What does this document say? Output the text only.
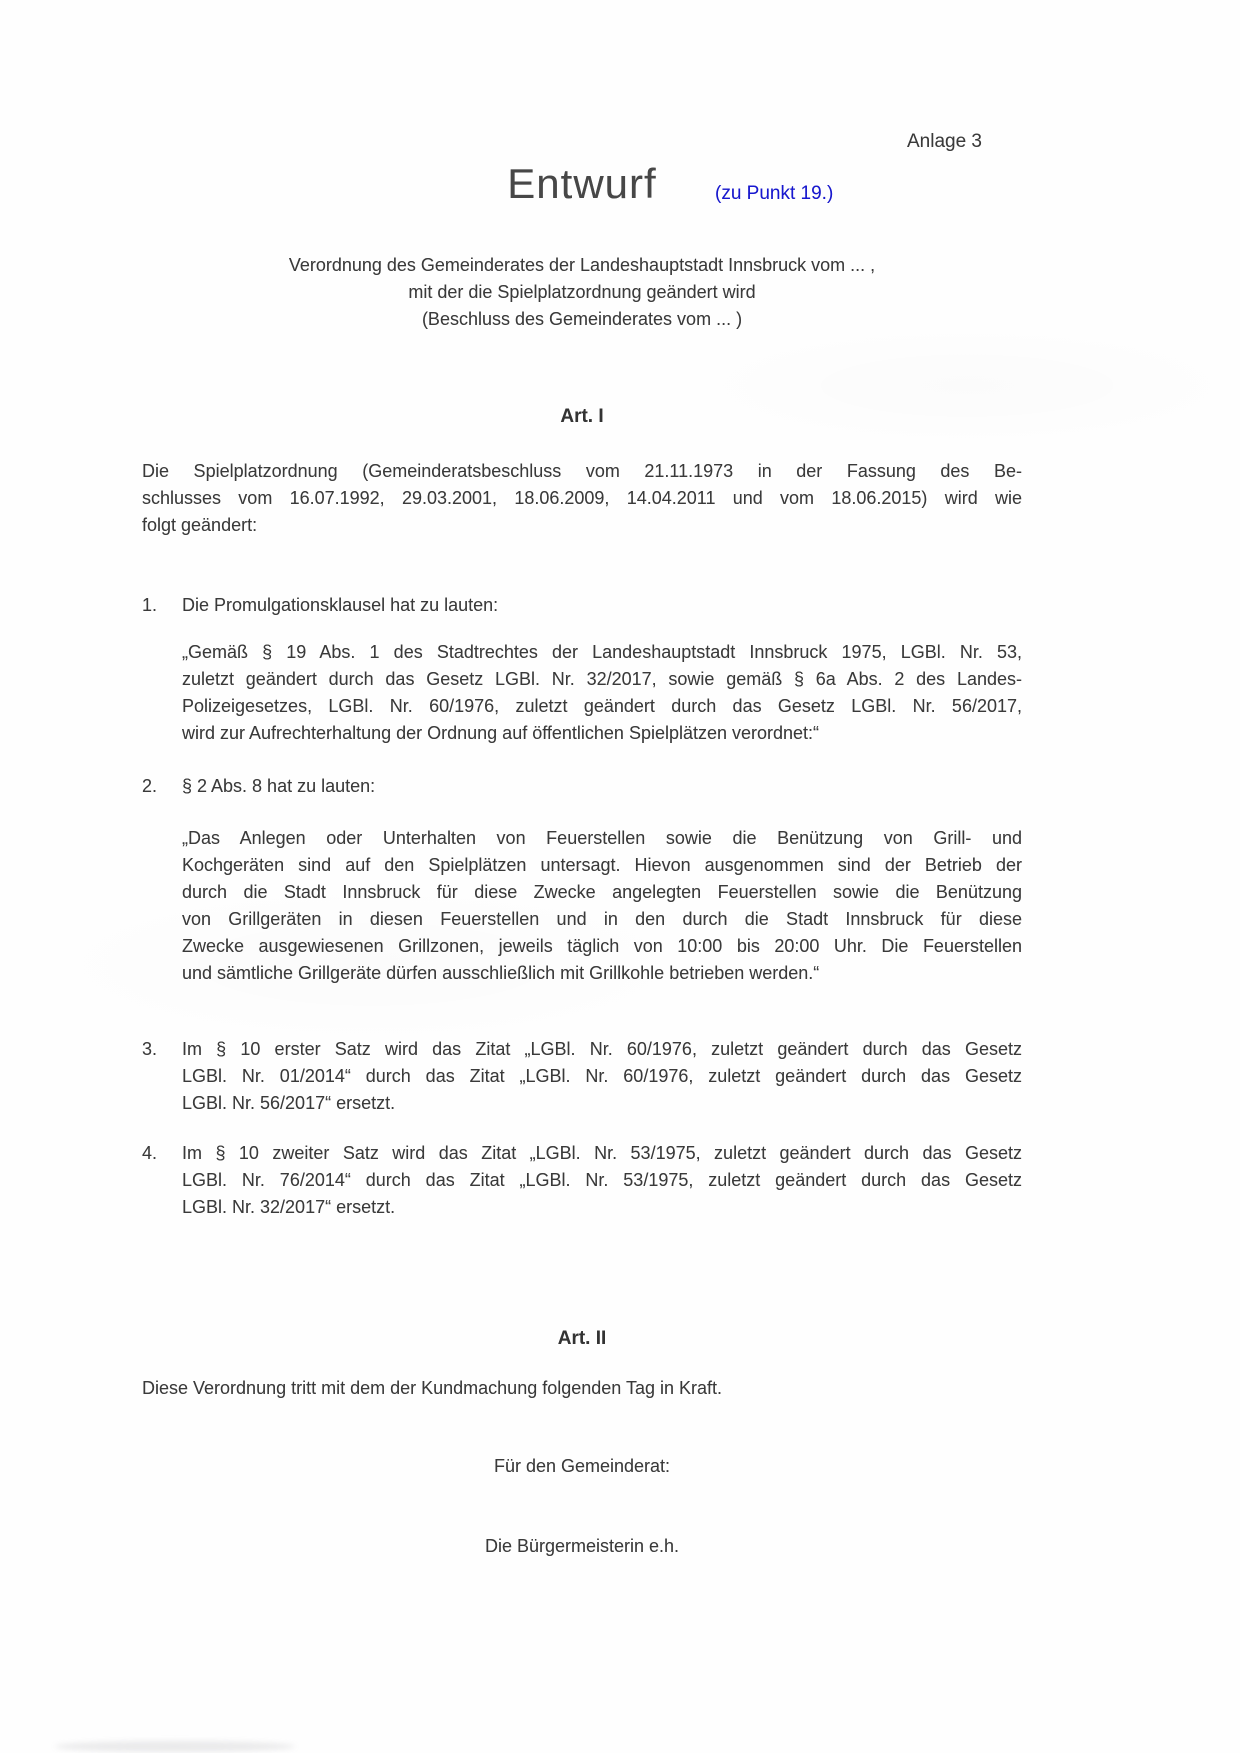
Anlage 3
Entwurf	(zu Punkt 19.)
Verordnung des Gemeinderates der Landeshauptstadt Innsbruck vom ... ,
mit der die Spielplatzordnung geändert wird
(Beschluss des Gemeinderates vom ... )
Art. I
Die Spielplatzordnung (Gemeinderatsbeschluss vom 21.11.1973 in der Fassung des Be-
schlusses vom 16.07.1992, 29.03.2001, 18.06.2009, 14.04.2011 und vom 18.06.2015) wird wie
folgt geändert:
1.	Die Promulgationsklausel hat zu lauten:
„Gemäß § 19 Abs. 1 des Stadtrechtes der Landeshauptstadt Innsbruck 1975, LGBl. Nr. 53,
zuletzt geändert durch das Gesetz LGBl. Nr. 32/2017, sowie gemäß § 6a Abs. 2 des Landes-
Polizeigesetzes, LGBl. Nr. 60/1976, zuletzt geändert durch das Gesetz LGBl. Nr. 56/2017,
wird zur Aufrechterhaltung der Ordnung auf öffentlichen Spielplätzen verordnet:“
2.	§ 2 Abs. 8 hat zu lauten:
„Das Anlegen oder Unterhalten von Feuerstellen sowie die Benützung von Grill- und
Kochgeräten sind auf den Spielplätzen untersagt. Hievon ausgenommen sind der Betrieb der
durch die Stadt Innsbruck für diese Zwecke angelegten Feuerstellen sowie die Benützung
von Grillgeräten in diesen Feuerstellen und in den durch die Stadt Innsbruck für diese
Zwecke ausgewiesenen Grillzonen, jeweils täglich von 10:00 bis 20:00 Uhr. Die Feuerstellen
und sämtliche Grillgeräte dürfen ausschließlich mit Grillkohle betrieben werden.“
3.	Im § 10 erster Satz wird das Zitat „LGBl. Nr. 60/1976, zuletzt geändert durch das Gesetz
LGBl. Nr. 01/2014“ durch das Zitat „LGBl. Nr. 60/1976, zuletzt geändert durch das Gesetz
LGBl. Nr. 56/2017“ ersetzt.
4.	Im § 10 zweiter Satz wird das Zitat „LGBl. Nr. 53/1975, zuletzt geändert durch das Gesetz
LGBl. Nr. 76/2014“ durch das Zitat „LGBl. Nr. 53/1975, zuletzt geändert durch das Gesetz
LGBl. Nr. 32/2017“ ersetzt.
Art. II
Diese Verordnung tritt mit dem der Kundmachung folgenden Tag in Kraft.
Für den Gemeinderat:
Die Bürgermeisterin e.h.
